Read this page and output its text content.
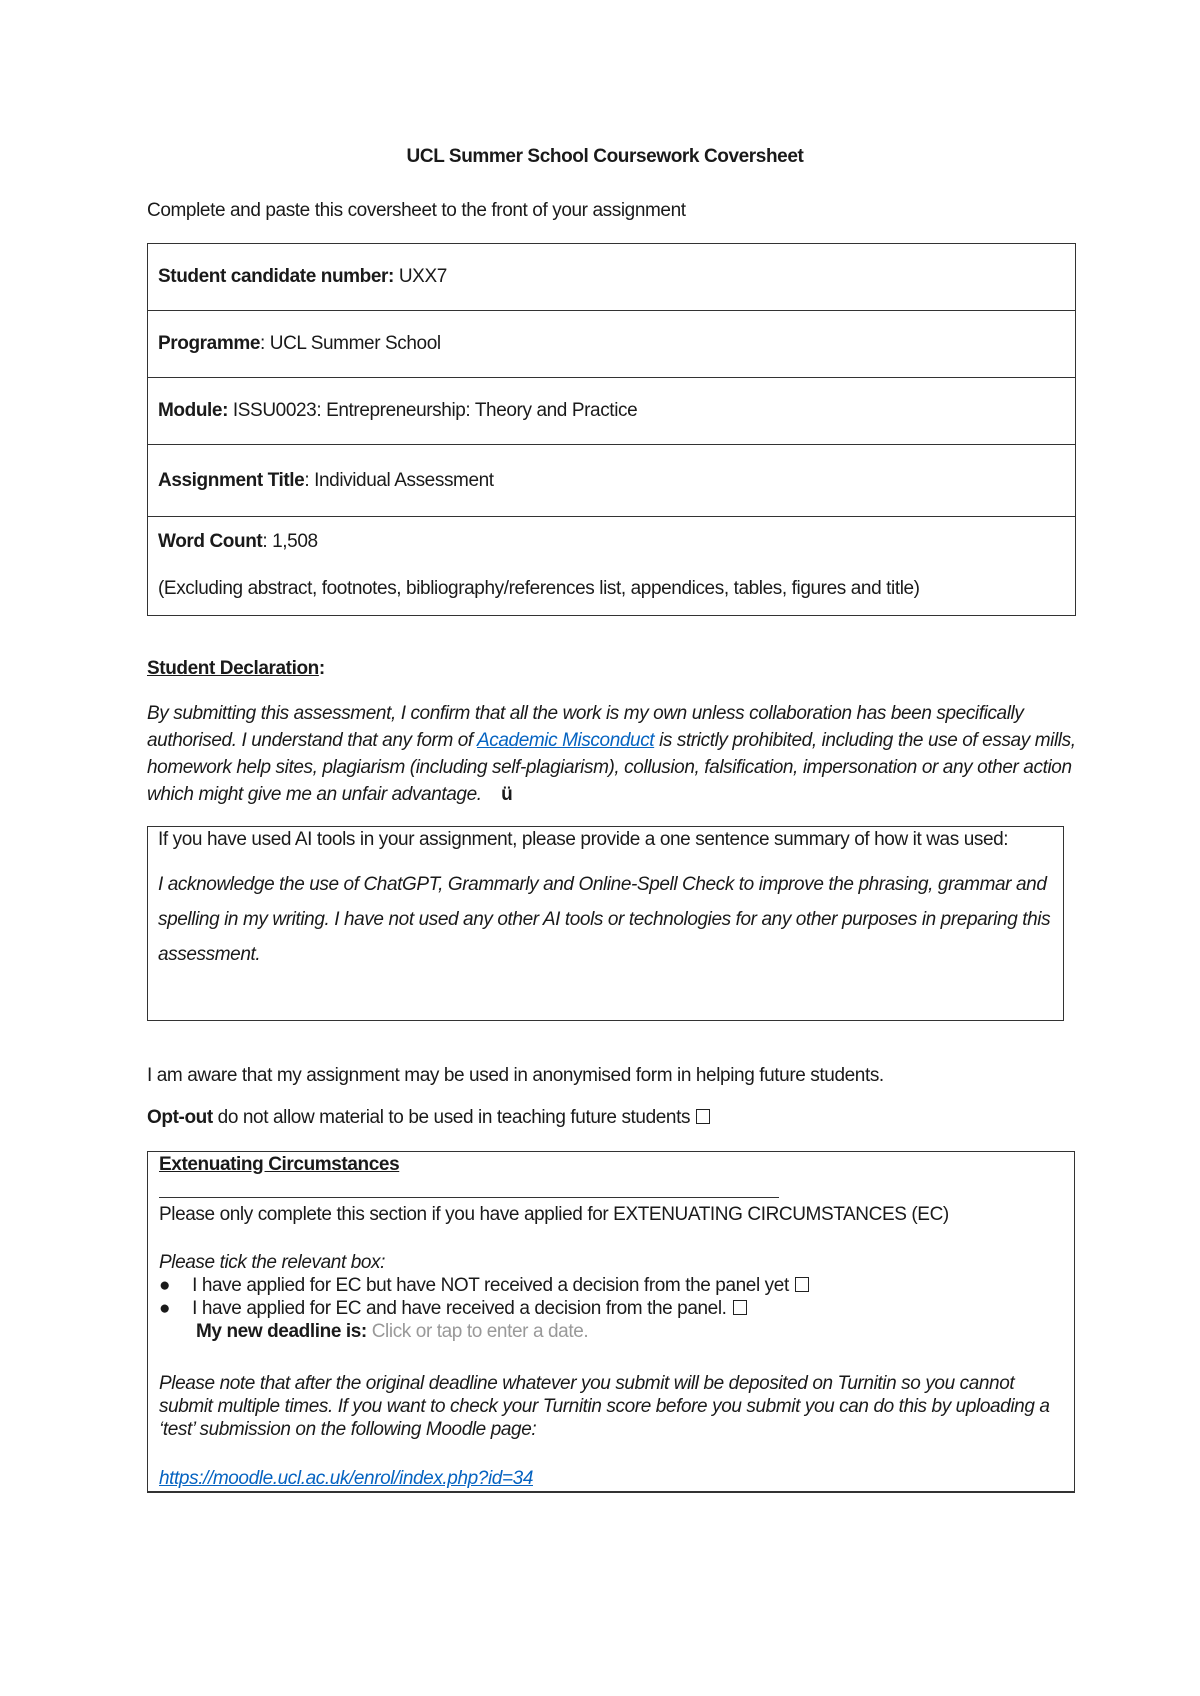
UCL Summer School Coursework Coversheet
Complete and paste this coversheet to the front of your assignment
Student candidate number: UXX7
Programme : UCL Summer School
Module: ISSU0023: Entrepreneurship: Theory and Practice
Assignment Title : Individual Assessment
Word Count: 1,508
(Excluding abstract, footnotes, bibliography/references list, appendices, tables, figures and title)
Student Declaration:
By submitting this assessment, I confirm that all the work is my own unless collaboration has been specifically authorised. I understand that any form of Academic Misconduct is strictly prohibited, including the use of essay mills, homework help sites, plagiarism (including self-plagiarism), collusion, falsification, impersonation or any other action which might give me an unfair advantage. ü
If you have used AI tools in your assignment, please provide a one sentence summary of how it was used:
I acknowledge the use of ChatGPT, Grammarly and Online-Spell Check to improve the phrasing, grammar and spelling in my writing. I have not used any other AI tools or technologies for any other purposes in preparing this assessment.
I am aware that my assignment may be used in anonymised form in helping future students.
Opt-out do not allow material to be used in teaching future students
Extenuating Circumstances
Please only complete this section if you have applied for EXTENUATING CIRCUMSTANCES (EC)
Please tick the relevant box:
● I have applied for EC but have NOT received a decision from the panel yet
● I have applied for EC and have received a decision from the panel.
My new deadline is: Click or tap to enter a date.
Please note that after the original deadline whatever you submit will be deposited on Turnitin so you cannot submit multiple times. If you want to check your Turnitin score before you submit you can do this by uploading a ‘test’ submission on the following Moodle page:
https://moodle.ucl.ac.uk/enrol/index.php?id=34
